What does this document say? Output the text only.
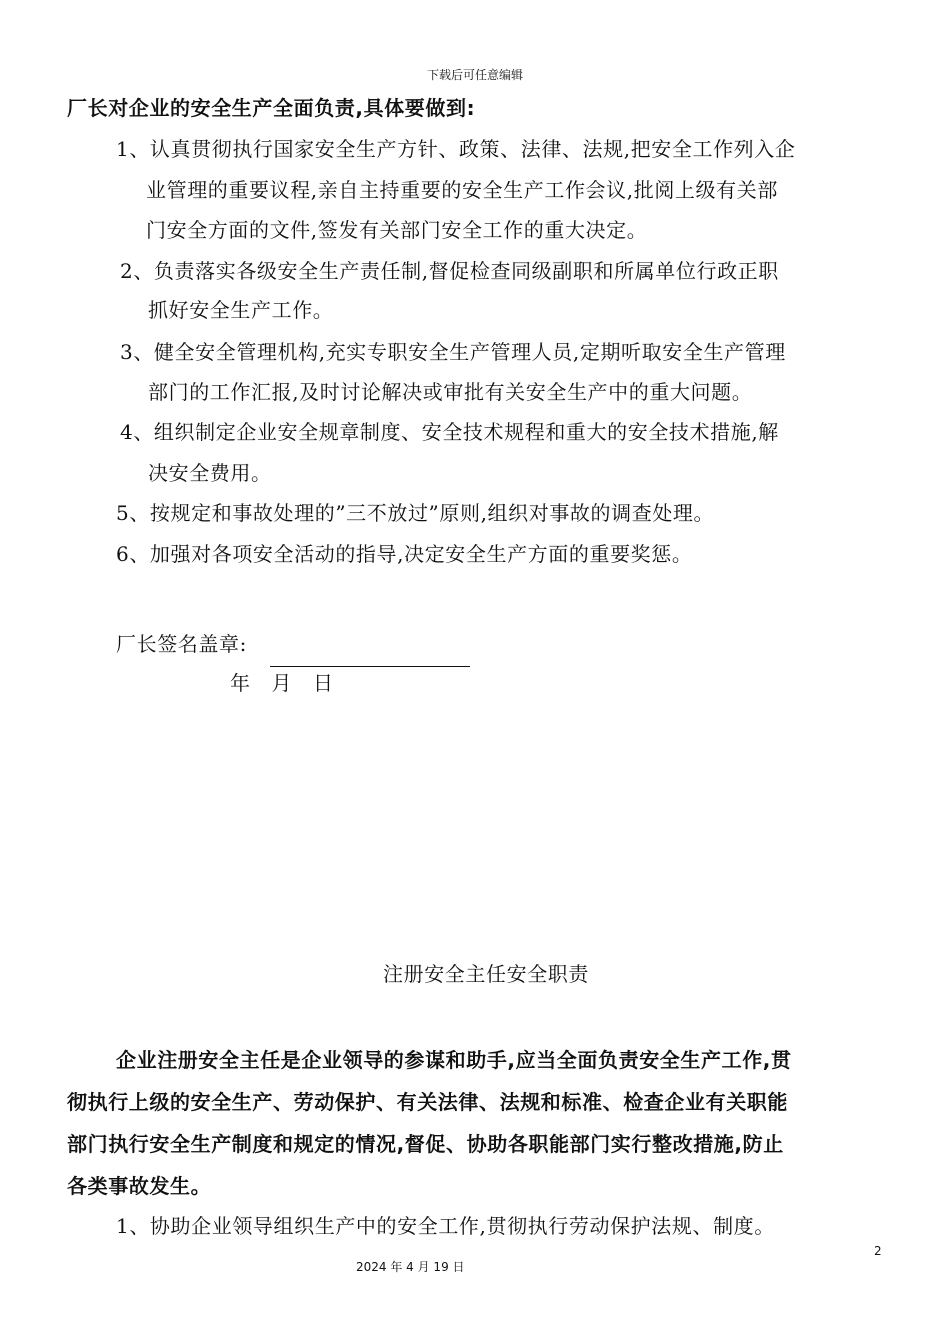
下载后可任意编辑
厂长对企业的安全生产全面负责,具体要做到:
1、认真贯彻执行国家安全生产方针、政策、法律、法规,把安全工作列入企
业管理的重要议程,亲自主持重要的安全生产工作会议,批阅上级有关部
门安全方面的文件,签发有关部门安全工作的重大决定。
2、负责落实各级安全生产责任制,督促检查同级副职和所属单位行政正职
抓好安全生产工作。
3、健全安全管理机构,充实专职安全生产管理人员,定期听取安全生产管理
部门的工作汇报,及时讨论解决或审批有关安全生产中的重大问题。
4、组织制定企业安全规章制度、安全技术规程和重大的安全技术措施,解
决安全费用。
5、按规定和事故处理的”三不放过”原则,组织对事故的调查处理。
6、加强对各项安全活动的指导,决定安全生产方面的重要奖惩。
厂长签名盖章:
年   月   日
注册安全主任安全职责
企业注册安全主任是企业领导的参谋和助手,应当全面负责安全生产工作,贯
彻执行上级的安全生产、劳动保护、有关法律、法规和标准、检查企业有关职能
部门执行安全生产制度和规定的情况,督促、协助各职能部门实行整改措施,防止
各类事故发生。
1、协助企业领导组织生产中的安全工作,贯彻执行劳动保护法规、制度。
2
2024 年 4 月 19 日
